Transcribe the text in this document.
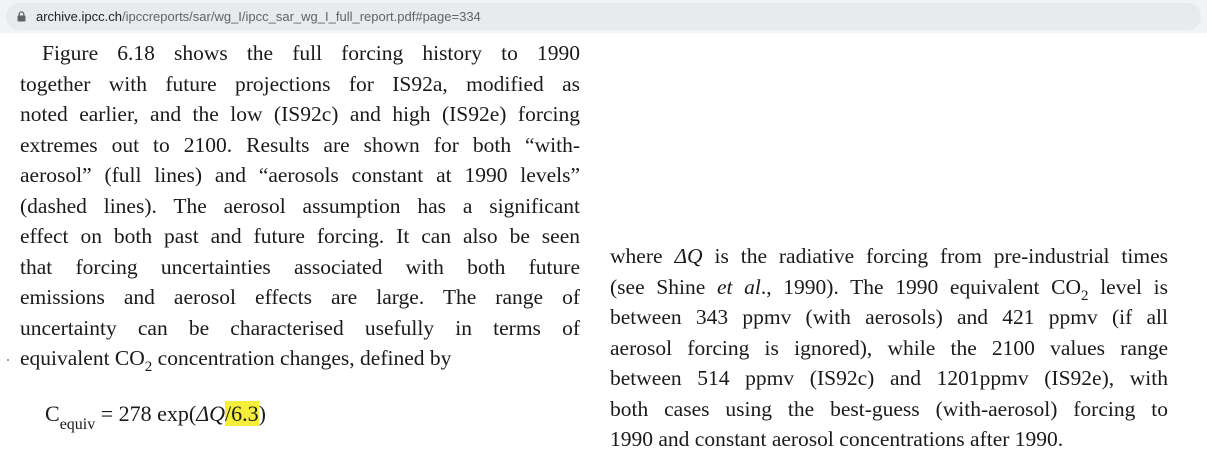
archive.ipcc.ch/ipccreports/sar/wg_I/ipcc_sar_wg_I_full_report.pdf#page=334
Figure 6.18 shows the full forcing history to 1990
together with future projections for IS92a, modified as
noted earlier, and the low (IS92c) and high (IS92e) forcing
extremes out to 2100. Results are shown for both “with-
aerosol” (full lines) and “aerosols constant at 1990 levels”
(dashed lines). The aerosol assumption has a significant
effect on both past and future forcing. It can also be seen
that forcing uncertainties associated with both future
emissions and aerosol effects are large. The range of
uncertainty can be characterised usefully in terms of
equivalent $CO_2$ concentration changes, defined by
$C_{equiv} = 278$ exp(ΔQ/6.3)
where ΔQ is the radiative forcing from pre-industrial times
(see Shine et al., 1990). The 1990 equivalent $CO_2$ level is
between 343 ppmv (with aerosols) and 421 ppmv (if all
aerosol forcing is ignored), while the 2100 values range
between 514 ppmv (IS92c) and 1201ppmv (IS92e), with
both cases using the best-guess (with-aerosol) forcing to
1990 and constant aerosol concentrations after 1990.
